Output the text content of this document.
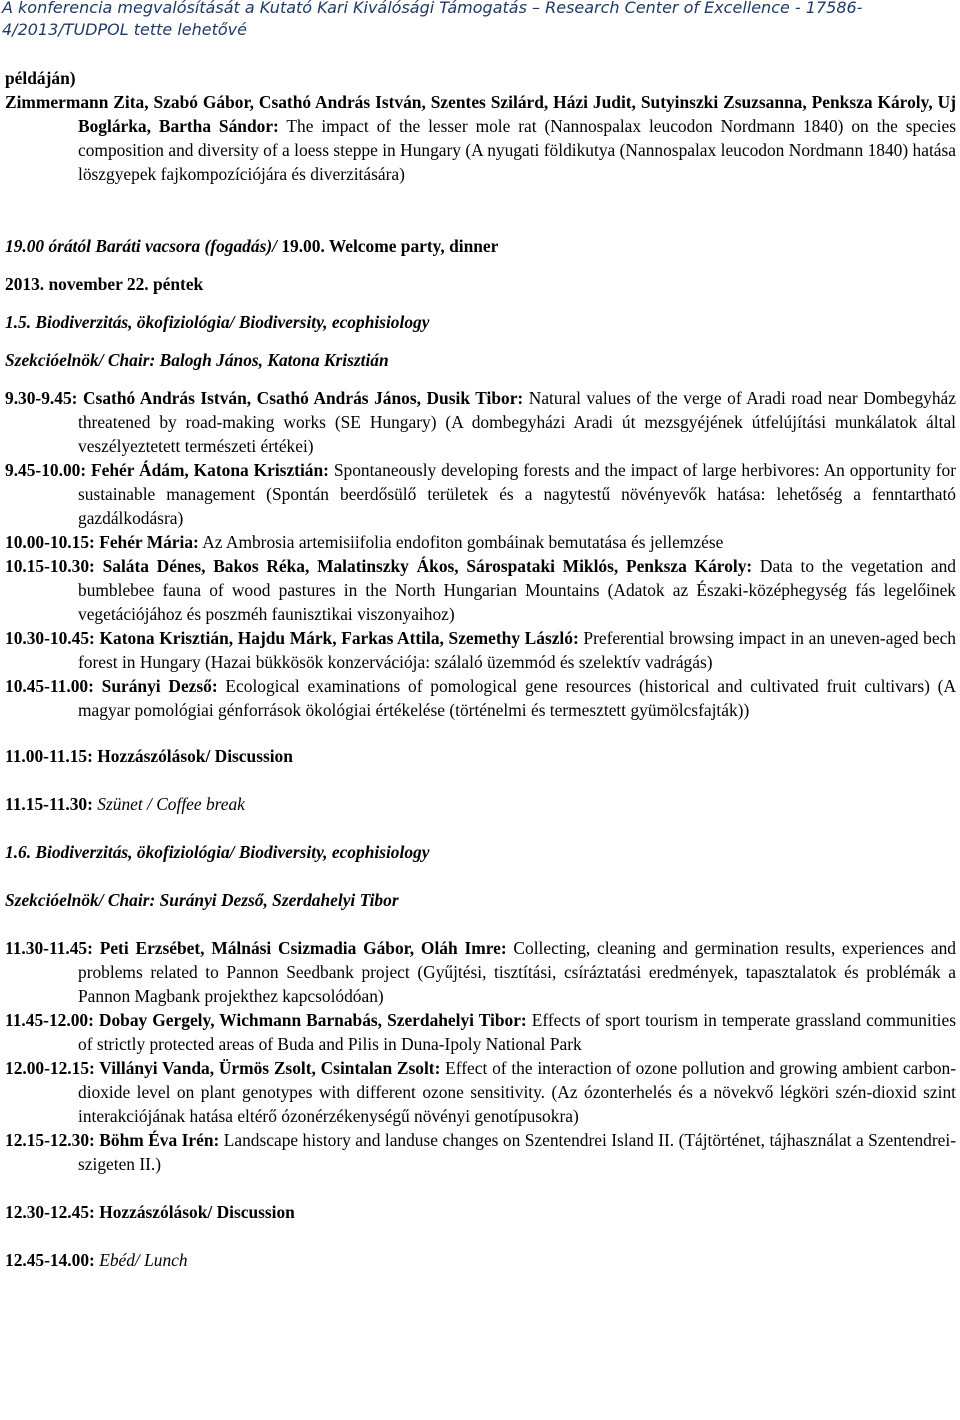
A konferencia megvalósítását a Kutató Kari Kiválósági Támogatás – Research Center of Excellence - 17586-4/2013/TUDPOL tette lehetővé
példáján)
Zimmermann Zita, Szabó Gábor, Csathó András István, Szentes Szilárd, Házi Judit, Sutyinszki Zsuzsanna, Penksza Károly, Uj Boglárka, Bartha Sándor: The impact of the lesser mole rat (Nannospalax leucodon Nordmann 1840) on the species composition and diversity of a loess steppe in Hungary (A nyugati földikutya (Nannospalax leucodon Nordmann 1840) hatása löszgyepek fajkompozíciójára és diverzitására)
19.00 órától Baráti vacsora (fogadás)/ 19.00. Welcome party, dinner
2013. november 22. péntek
1.5. Biodiverzitás, ökofiziológia/ Biodiversity, ecophisiology
Szekcióelnök/ Chair: Balogh János, Katona Krisztián
9.30-9.45: Csathó András István, Csathó András János, Dusik Tibor: Natural values of the verge of Aradi road near Dombegyház threatened by road-making works (SE Hungary) (A dombegyházi Aradi út mezsgyéjének útfelújítási munkálatok által veszélyeztetett természeti értékei)
9.45-10.00: Fehér Ádám, Katona Krisztián: Spontaneously developing forests and the impact of large herbivores: An opportunity for sustainable management (Spontán beerdősülő területek és a nagytestű növényevők hatása: lehetőség a fenntartható gazdálkodásra)
10.00-10.15: Fehér Mária: Az Ambrosia artemisiifolia endofiton gombáinak bemutatása és jellemzése
10.15-10.30: Saláta Dénes, Bakos Réka, Malatinszky Ákos, Sárospataki Miklós, Penksza Károly: Data to the vegetation and bumblebee fauna of wood pastures in the North Hungarian Mountains (Adatok az Északi-középhegység fás legelőinek vegetációjához és poszméh faunisztikai viszonyaihoz)
10.30-10.45: Katona Krisztián, Hajdu Márk, Farkas Attila, Szemethy László: Preferential browsing impact in an uneven-aged bech forest in Hungary (Hazai bükkösök konzervációja: szálaló üzemmód és szelektív vadrágás)
10.45-11.00: Surányi Dezső: Ecological examinations of pomological gene resources (historical and cultivated fruit cultivars) (A magyar pomológiai génforrások ökológiai értékelése (történelmi és termesztett gyümölcsfajták))
11.00-11.15: Hozzászólások/ Discussion
11.15-11.30: Szünet / Coffee break
1.6. Biodiverzitás, ökofiziológia/ Biodiversity, ecophisiology
Szekcióelnök/ Chair: Surányi Dezső, Szerdahelyi Tibor
11.30-11.45: Peti Erzsébet, Málnási Csizmadia Gábor, Oláh Imre: Collecting, cleaning and germination results, experiences and problems related to Pannon Seedbank project (Gyűjtési, tisztítási, csíráztatási eredmények, tapasztalatok és problémák a Pannon Magbank projekthez kapcsolódóan)
11.45-12.00: Dobay Gergely, Wichmann Barnabás, Szerdahelyi Tibor: Effects of sport tourism in temperate grassland communities of strictly protected areas of Buda and Pilis in Duna-Ipoly National Park
12.00-12.15: Villányi Vanda, Ürmös Zsolt, Csintalan Zsolt: Effect of the interaction of ozone pollution and growing ambient carbon-dioxide level on plant genotypes with different ozone sensitivity. (Az ózonterhelés és a növekvő légköri szén-dioxid szint interakciójának hatása eltérő ózonérzékenységű növényi genotípusokra)
12.15-12.30: Böhm Éva Irén: Landscape history and landuse changes on Szentendrei Island II. (Tájtörténet, tájhasználat a Szentendrei-szigeten II.)
12.30-12.45: Hozzászólások/ Discussion
12.45-14.00: Ebéd/ Lunch
